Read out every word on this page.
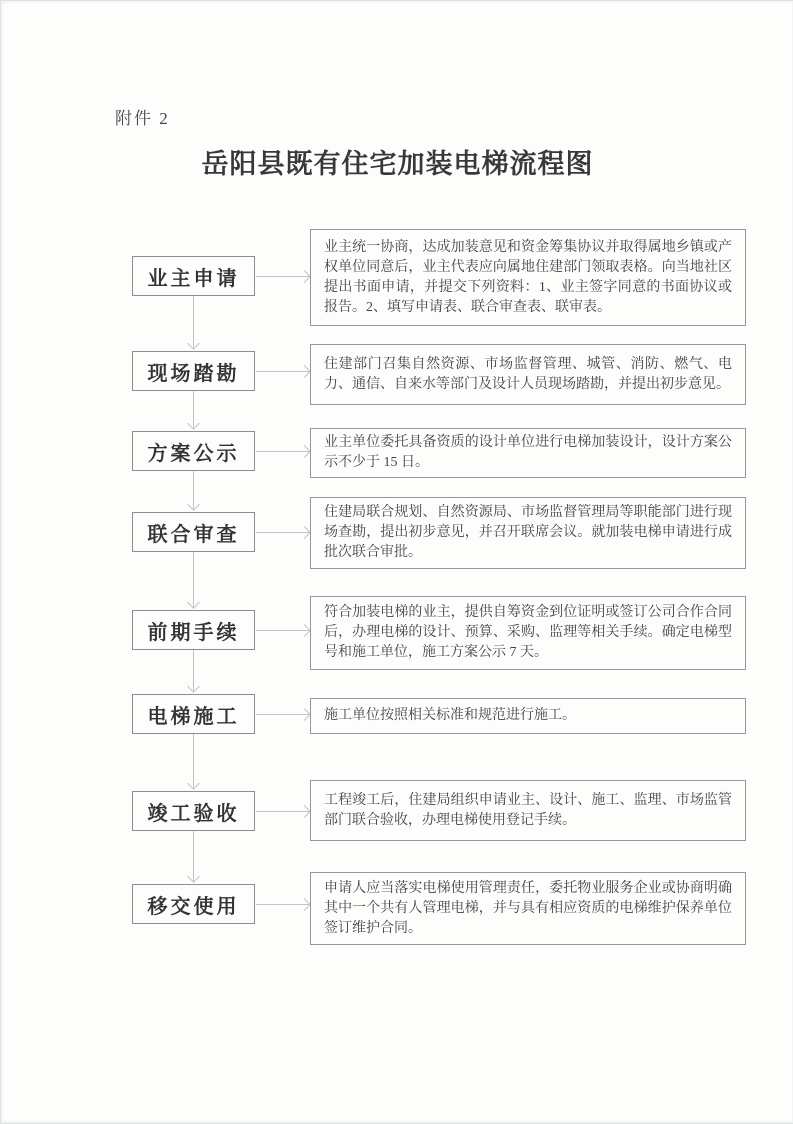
附件 2
岳阳县既有住宅加装电梯流程图
业主申请
业主统一协商，达成加装意见和资金筹集协议并取得属地乡镇或产权单位同意后，业主代表应向属地住建部门领取表格。向当地社区提出书面申请，并提交下列资料：1、业主签字同意的书面协议或报告。2、填写申请表、联合审查表、联审表。
现场踏勘	住建部门召集自然资源、市场监督管理、城管、消防、燃气、电力、通信、自来水等部门及设计人员现场踏勘，并提出初步意见。
方案公示	业主单位委托具备资质的设计单位进行电梯加装设计，设计方案公示不少于 15 日。
联合审查
住建局联合规划、自然资源局、市场监督管理局等职能部门进行现场查勘，提出初步意见，并召开联席会议。就加装电梯申请进行成批次联合审批。
前期手续
符合加装电梯的业主，提供自筹资金到位证明或签订公司合作合同后，办理电梯的设计、预算、采购、监理等相关手续。确定电梯型号和施工单位，施工方案公示 7 天。
电梯施工	施工单位按照相关标准和规范进行施工。
竣工验收
工程竣工后，住建局组织申请业主、设计、施工、监理、市场监管部门联合验收，办理电梯使用登记手续。
移交使用
申请人应当落实电梯使用管理责任，委托物业服务企业或协商明确其中一个共有人管理电梯，并与具有相应资质的电梯维护保养单位签订维护合同。
